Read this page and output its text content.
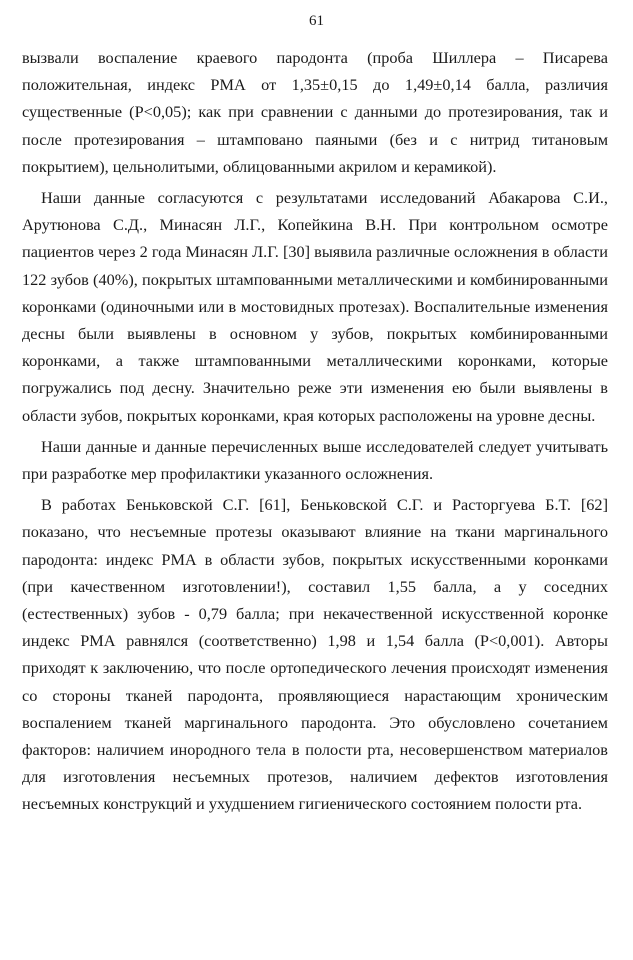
61

вызвали воспаление краевого пародонта (проба Шиллера – Писарева положительная, индекс РМА от 1,35±0,15 до 1,49±0,14 балла, различия существенные (Р<0,05); как при сравнении с данными до протезирования, так и после протезирования – штамповано паяными (без и с нитрид титановым покрытием), цельнолитыми, облицованными акрилом и керамикой).

Наши данные согласуются с результатами исследований Абакарова С.И., Арутюнова С.Д., Минасян Л.Г., Копейкина В.Н. При контрольном осмотре пациентов через 2 года Минасян Л.Г. [30] выявила различные осложнения в области 122 зубов (40%), покрытых штампованными металлическими и комбинированными коронками (одиночными или в мостовидных протезах). Воспалительные изменения десны были выявлены в основном у зубов, покрытых комбинированными коронками, а также штампованными металлическими коронками, которые погружались под десну. Значительно реже эти изменения ею были выявлены в области зубов, покрытых коронками, края которых расположены на уровне десны.

Наши данные и данные перечисленных выше исследователей следует учитывать при разработке мер профилактики указанного осложнения.

В работах Беньковской С.Г. [61], Беньковской С.Г. и Расторгуева Б.Т. [62] показано, что несъемные протезы оказывают влияние на ткани маргинального пародонта: индекс РМА в области зубов, покрытых искусственными коронками (при качественном изготовлении!), составил 1,55 балла, а у соседних (естественных) зубов - 0,79 балла; при некачественной искусственной коронке индекс РМА равнялся (соответственно) 1,98 и 1,54 балла (Р<0,001). Авторы приходят к заключению, что после ортопедического лечения происходят изменения со стороны тканей пародонта, проявляющиеся нарастающим хроническим воспалением тканей маргинального пародонта. Это обусловлено сочетанием факторов: наличием инородного тела в полости рта, несовершенством материалов для изготовления несъемных протезов, наличием дефектов изготовления несъемных конструкций и ухудшением гигиенического состоянием полости рта.
